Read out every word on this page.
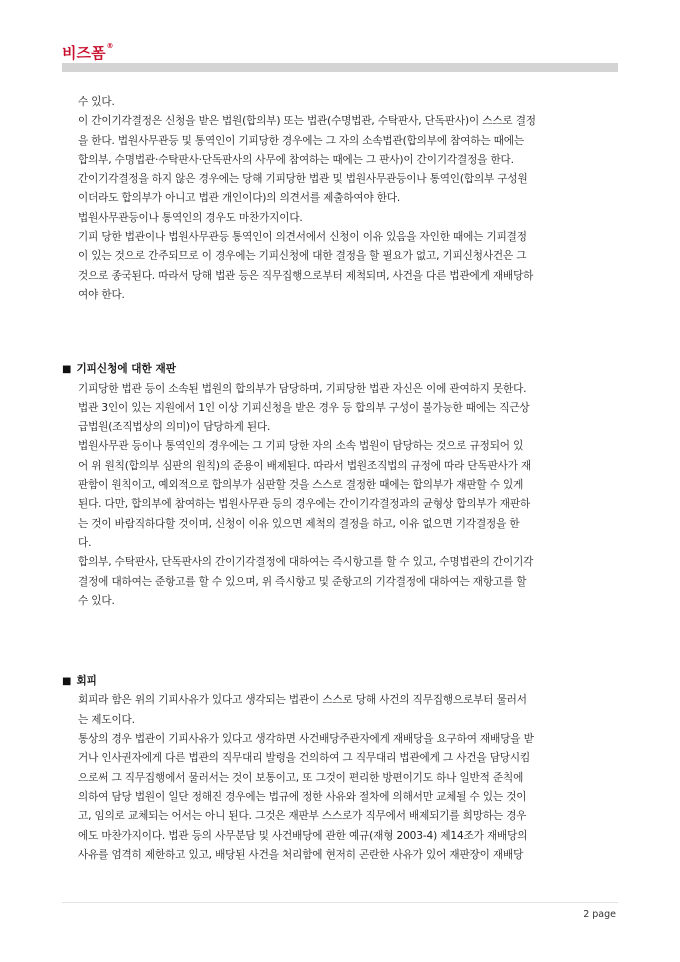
비즈폼®

수 있다.

이 간이기각결정은 신청을 받은 법원(합의부) 또는 법관(수명법관, 수탁판사, 단독판사)이 스스로 결정

을 한다. 법원사무관등 및 통역인이 기피당한 경우에는 그 자의 소속법관(합의부에 참여하는 때에는

합의부, 수명법관·수탁판사·단독판사의 사무에 참여하는 때에는 그 판사)이 간이기각결정을 한다.

간이기각결정을 하지 않은 경우에는 당해 기피당한 법관 및 법원사무관등이나 통역인(합의부 구성원

이더라도 합의부가 아니고 법관 개인이다)의 의견서를 제출하여야 한다.

법원사무관등이나 통역인의 경우도 마찬가지이다.

기피 당한 법관이나 법원사무관등 통역인이 의견서에서 신청이 이유 있음을 자인한 때에는 기피결정

이 있는 것으로 간주되므로 이 경우에는 기피신청에 대한 결정을 할 필요가 없고, 기피신청사건은 그

것으로 종국된다. 따라서 당해 법관 등은 직무집행으로부터 제척되며, 사건을 다른 법관에게 재배당하

여야 한다.

■ 기피신청에 대한 재판

기피당한 법관 등이 소속된 법원의 합의부가 담당하며, 기피당한 법관 자신은 이에 관여하지 못한다.

법관 3인이 있는 지원에서 1인 이상 기피신청을 받은 경우 등 합의부 구성이 불가능한 때에는 직근상

급법원(조직법상의 의미)이 담당하게 된다.

법원사무관 등이나 통역인의 경우에는 그 기피 당한 자의 소속 법원이 담당하는 것으로 규정되어 있

어 위 원칙(합의부 심판의 원칙)의 준용이 배제된다. 따라서 법원조직법의 규정에 따라 단독판사가 재

판함이 원칙이고, 예외적으로 합의부가 심판할 것을 스스로 결정한 때에는 합의부가 재판할 수 있게

된다. 다만, 합의부에 참여하는 법원사무관 등의 경우에는 간이기각결정과의 균형상 합의부가 재판하

는 것이 바람직하다할 것이며, 신청이 이유 있으면 제척의 결정을 하고, 이유 없으면 기각결정을 한

다.

합의부, 수탁판사, 단독판사의 간이기각결정에 대하여는 즉시항고를 할 수 있고, 수명법관의 간이기각

결정에 대하여는 준항고를 할 수 있으며, 위 즉시항고 및 준항고의 기각결정에 대하여는 재항고를 할

수 있다.

■ 회피

회피라 함은 위의 기피사유가 있다고 생각되는 법관이 스스로 당해 사건의 직무집행으로부터 물러서

는 제도이다.

통상의 경우 법관이 기피사유가 있다고 생각하면 사건배당주관자에게 재배당을 요구하여 재배당을 받

거나 인사권자에게 다른 법관의 직무대리 발령을 건의하여 그 직무대리 법관에게 그 사건을 담당시킴

으로써 그 직무집행에서 물러서는 것이 보통이고, 또 그것이 편리한 방편이기도 하나 일반적 준칙에

의하여 담당 법원이 일단 정해진 경우에는 법규에 정한 사유와 절차에 의해서만 교체될 수 있는 것이

고, 임의로 교체되는 어서는 아니 된다. 그것은 재판부 스스로가 직무에서 배제되기를 희망하는 경우

에도 마찬가지이다. 법관 등의 사무분담 및 사건배당에 관한 예규(재형 2003-4) 제14조가 재배당의

사유를 엄격히 제한하고 있고, 배당된 사건을 처리함에 현저히 곤란한 사유가 있어 재판장이 재배당

2 page
